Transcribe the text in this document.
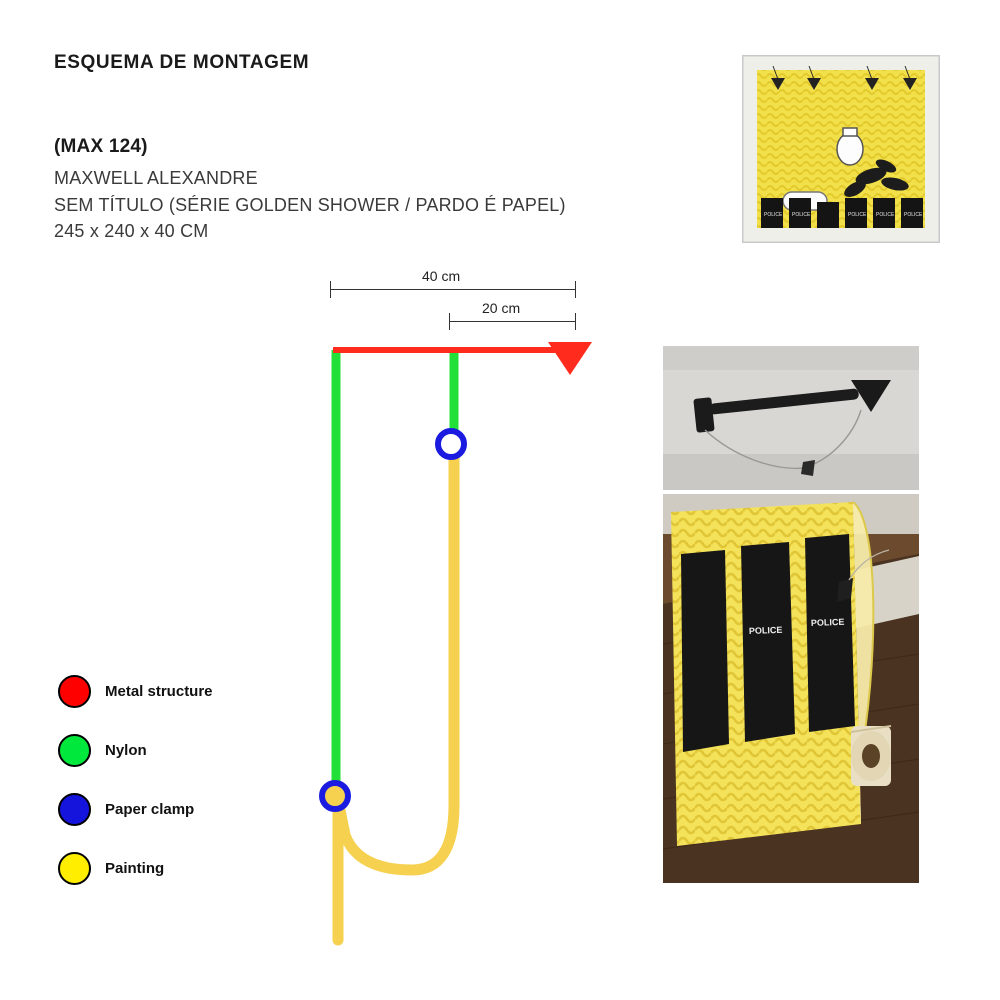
ESQUEMA DE MONTAGEM
(MAX 124)
MAXWELL ALEXANDRE
SEM TÍTULO (SÉRIE GOLDEN SHOWER / PARDO É PAPEL)
245 x 240 x 40 CM
40 cm
20 cm
Metal structure
Nylon
Paper clamp
Painting
POLICE POLICE	POLICE POLICE POLICE
POLICE
POLICE
